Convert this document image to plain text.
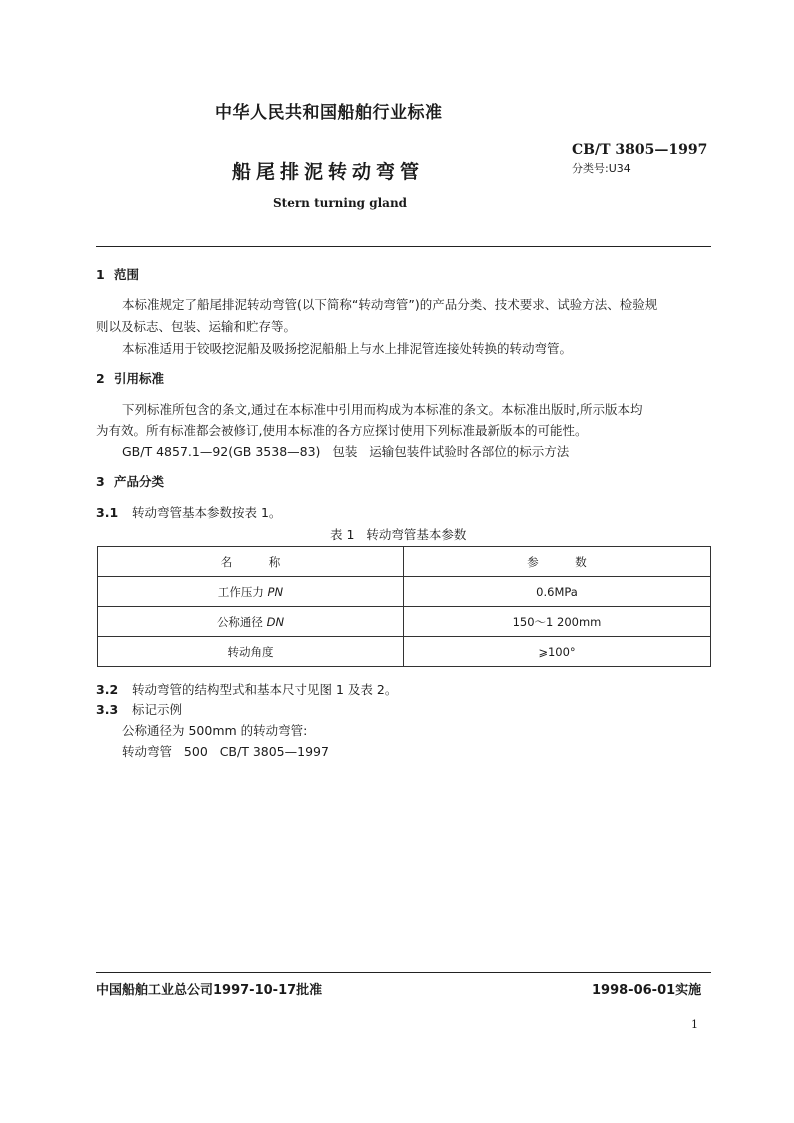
中华人民共和国船舶行业标准
CB/T 3805—1997
分类号:U34
船尾排泥转动弯管
Stern turning gland
1 范围
本标准规定了船尾排泥转动弯管(以下简称“转动弯管”)的产品分类、技术要求、试验方法、检验规
则以及标志、包装、运输和贮存等。
本标准适用于铰吸挖泥船及吸扬挖泥船船上与水上排泥管连接处转换的转动弯管。
2 引用标准
下列标准所包含的条文,通过在本标准中引用而构成为本标准的条文。本标准出版时,所示版本均
为有效。所有标准都会被修订,使用本标准的各方应探讨使用下列标准最新版本的可能性。
GB/T 4857.1—92(GB 3538—83)   包装   运输包装件试验时各部位的标示方法
3 产品分类
3.1 转动弯管基本参数按表 1。
表 1   转动弯管基本参数
名          称	参          数
工作压力 PN	0.6MPa
公称通径 DN	150～1 200mm
转动角度	⩾100°
3.2 转动弯管的结构型式和基本尺寸见图 1 及表 2。
3.3 标记示例
公称通径为 500mm 的转动弯管:
转动弯管   500   CB/T 3805—1997
中国船舶工业总公司1997-10-17批准	1998-06-01实施
1
